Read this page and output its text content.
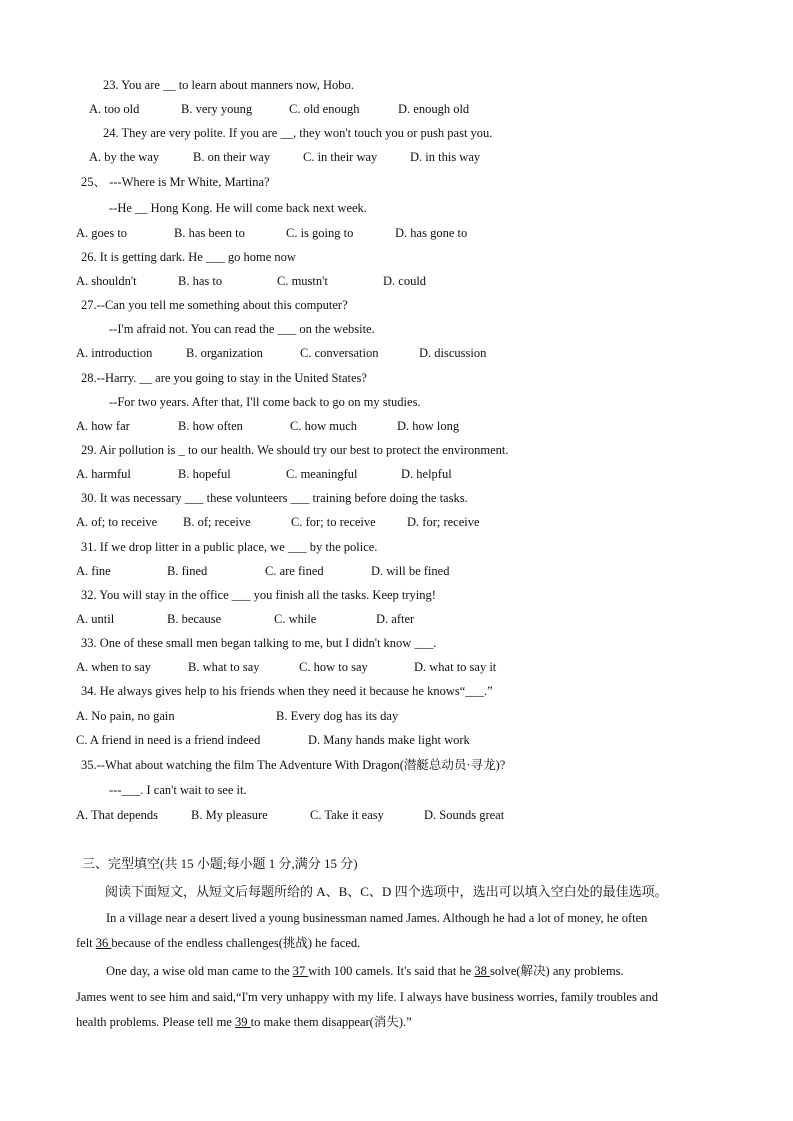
23. You are __ to learn about manners now, Hobo.
A. too old	B. very young	C. old enough	D. enough old
24. They are very polite. If you are __, they won't touch you or push past you.
A. by the way	B. on their way	C. in their way	D. in this way
25、 ---Where is Mr White, Martina?
--He __ Hong Kong. He will come back next week.
A. goes to	B. has been to	C. is going to	D. has gone to
26. It is getting dark. He ___ go home now
A. shouldn't	B. has to	C. mustn't	D. could
27.--Can you tell me something about this computer?
--I'm afraid not. You can read the ___ on the website.
A. introduction	B. organization	C. conversation	D. discussion
28.--Harry. __ are you going to stay in the United States?
--For two years. After that, I'll come back to go on my studies.
A. how far	B. how often	C. how much	D. how long
29. Air pollution is _ to our health. We should try our best to protect the environment.
A. harmful	B. hopeful	C. meaningful	D. helpful
30. It was necessary ___ these volunteers ___ training before doing the tasks.
A. of; to receive B. of; receive	C. for; to receive	D. for; receive
31. If we drop litter in a public place, we ___ by the police.
A. fine	B. fined	C. are fined	D. will be fined
32. You will stay in the office ___ you finish all the tasks. Keep trying!
A. until	B. because	C. while	D. after
33. One of these small men began talking to me, but I didn't know ___.
A. when to say	B. what to say	C. how to say	D. what to say it
34. He always gives help to his friends when they need it because he knows“___.”
A. No pain, no gain	B. Every dog has its day
C. A friend in need is a friend indeed	D. Many hands make light work
35.--What about watching the film The Adventure With Dragon(潜艇总动员·寻龙)?
---___. I can't wait to see it.
A. That depends	B. My pleasure	C. Take it easy	D. Sounds great
三、完型填空(共 15 小题;每小题 1 分,满分 15 分)
阅读下面短文，从短文后每题所给的 A、B、C、D 四个选项中，选出可以填入空白处的最佳选项。
In a village near a desert lived a young businessman named James. Although he had a lot of money, he often
felt 36 because of the endless challenges(挑战) he faced.
One day, a wise old man came to the 37 with 100 camels. It's said that he 38 solve(解决) any problems.
James went to see him and said,“I'm very unhappy with my life. I always have business worries, family troubles and
health problems. Please tell me 39 to make them disappear(消失).”
